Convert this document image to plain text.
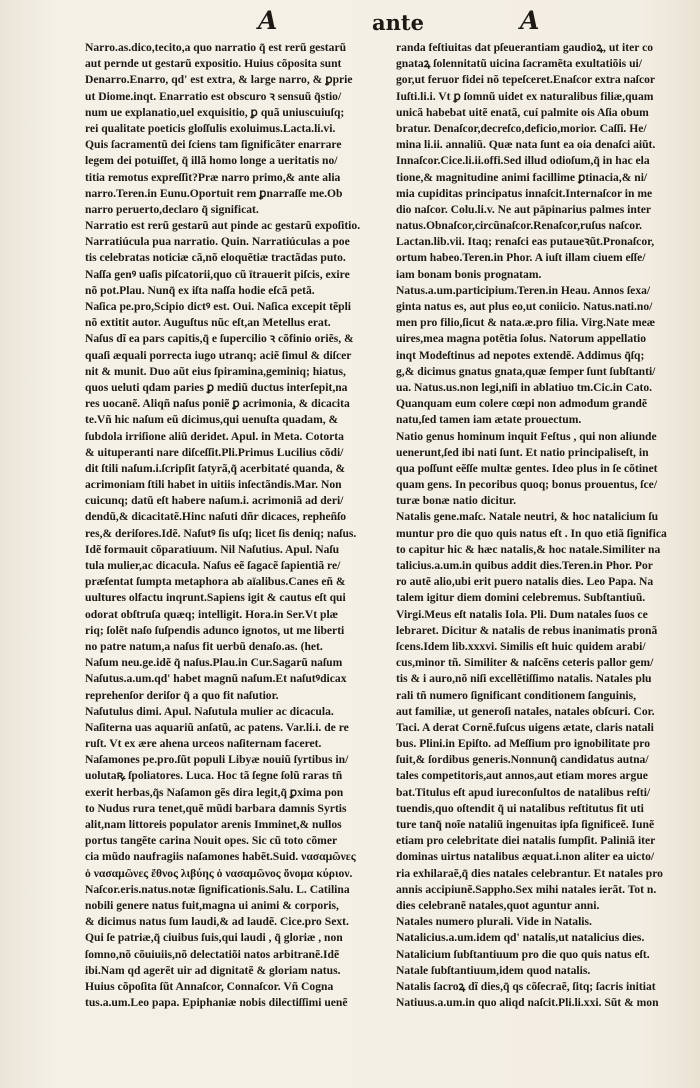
A	ante	A
Narro.as.dico,tecito,a quo narratio q̃ est rerũ gestarũ
aut pernde ut gestarũ expositio. Huius cõposita sunt
Denarro.Enarro, qd' est extra, & large narro, & ꝑprie
ut Diome.inqt. Enarratio est obscuro ꝛ sensuũ q̃stio/
num ue explanatio,uel exquisitio, ꝑ quã uniuscuiuſq;
rei qualitate poeticis gloſſulis exoluimus.Lacta.li.vi.
Quis ſacramentũ dei ſciens tam ſignificãter enarrare
legem dei potuiſſet, q̃ illã homo longe a ueritatis no/
titia remotus expreſſit?Præ narro primo,& ante alia
narro.Teren.in Eunu.Oportuit rem ꝑnarraſſe me.Ob
narro peruerto,declaro q̃ significat.
Narratio est rerũ gestarũ aut pinde ac gestarũ expoſitio.
Narratiúcula pua narratio. Quin. Narratiúculas a poe
tis celebratas noticiæ cã,nõ eloquẽtiæ tractãdas puto.
Naſſa genꝰ uaſis piſcatorii,quo cũ ītrauerit piſcis, exire
nõ pot.Plau. Nunq̃ ex iſta naſſa hodie eſcã petã.
Naſica pe.pro,Scipio dictꝰ est. Oui. Naſica excepit tẽpli
nõ extitit autor. Auguſtus nũc eſt,an Metellus erat.
Naſus dĩ ea pars capitis,q̃ e ſupercilio ꝛ cõfinio oriẽs, &
quaſi æquali porrecta iugo utranq; aciẽ ſimul & diſcer
nit & munit. Duo aũt eius ſpiramina,geminiq; hiatus,
quos ueluti qdam paries ꝑ mediũ ductus interſepit,na
res uocanẽ. Aliqñ naſus poniẽ ꝑ acrimonia, & dicacita
te.Vñ hic naſum eũ dicimus,qui uenuſta quadam, &
ſubdola irriſione aliũ deridet. Apul. in Meta. Cotorta
& uituperanti nare diſceſſit.Pli.Primus Lucilius cõdi/
dit ſtili naſum.i.ſcripſit ſatyrã,q̃ acerbitaté quanda, &
acrimoniam ſtili habet in uitiis inſectãndis.Mar. Non
cuicunq; datũ eſt habere naſum.i. acrimoniã ad deri/
dendũ,& dicacitatẽ.Hinc naſuti dñr dicaces, repheñſo
res,& deriſores.Idẽ. Naſutꝰ ſis uſq; licet ſis deniq; naſus.
Idẽ formauit cõparatiuum. Nil Naſutius. Apul. Naſu
tula mulier,ac dicacula. Naſus eẽ ſagacẽ ſapientiã re/
præſentat ſumpta metaphora ab aïalibus.Canes eñ &
uultures olfactu inqrunt.Sapiens igit & cautus eſt qui
odorat obſtruſa quæq; intelligit. Hora.in Ser.Vt plæ
riq; ſolẽt naſo ſuſpendis adunco ignotos, ut me liberti
no patre natum,a naſus fit uerbũ denaſo.as. (het.
Naſum neu.ge.idẽ q̃ naſus.Plau.in Cur.Sagarũ naſum
Naſutus.a.um.qd' habet magnũ naſum.Et naſutꝰdicax
reprehenſor deriſor q̃ a quo fit naſutior.
Naſutulus dimi. Apul. Naſutula mulier ac dicacula.
Naſiterna uas aquariũ anſatũ, ac patens. Var.li.i. de re
ruſt. Vt ex ære ahena urceos naſiternam faceret.
Naſamones pe.pro.ſũt populi Libyæ nouiũ ſyrtibus in/
uolutaꝶ ſpoliatores. Luca. Hoc tã ſegne ſolũ raras tñ
exerit herbas,q̃s Naſamon gẽs dira legit,q̃ ꝑxima pon
to Nudus rura tenet,quẽ mũdi barbara damnis Syrtis
alit,nam littoreis populator arenis Imminet,& nullos
portus tangẽte carina Nouit opes. Sic cũ toto cõmer
cia mũdo naufragiis naſamones habẽt.Suid. νασαμῶνες
ὁ νασαμῶνες ἔθνος λιβύης ὁ νασαμῶνος ὄνομα κύριον.
Naſcor.eris.natus.notæ ſignificationis.Salu. L. Catilina
nobili genere natus fuit,magna ui animi & corporis,
& dicimus natus ſum laudi,& ad laudẽ. Cice.pro Sext.
Qui ſe patriæ,q̃ ciuibus ſuis,qui laudi , q̃ gloriæ , non
ſomno,nõ cõuiuiis,nõ delectatiõi natos arbitranẽ.Idẽ
ibi.Nam qd agerẽt uir ad dignitatẽ & gloriam natus.
Huius cõpoſita ſũt Annaſcor, Connaſcor. Vñ Cogna
tus.a.um.Leo papa. Epiphaniæ nobis dilectiſſimi uenẽ
randa feſtiuitas dat pſeuerantiam gaudioꝝ, ut iter co
gnataꝝ ſolennitatũ uicina ſacramẽta exultatiõis ui/
gor,ut feruor fidei nõ tepeſceret.Enaſcor extra naſcor
Iuſti.li.i. Vt ꝑ ſomnũ uidet ex naturalibus filiæ,quam
unicã habebat uitẽ enatã, cuí palmite ois Aſia obum
bratur. Denaſcor,decreſco,deficio,morior. Caſſi. He/
mina li.ii. annaliũ. Quæ nata ſunt ea oia denaſci aiũt.
Innaſcor.Cice.li.ii.offi.Sed illud odioſum,q̃ in hac ela
tione,& magnitudine animi facillime ꝑtinacia,& ni/
mia cupiditas principatus innaſcit.Internaſcor in me
dio naſcor. Colu.li.v. Ne aut pāpinarius palmes inter
natus.Obnaſcor,circũnaſcor.Renaſcor,ruſus naſcor.
Lactan.lib.vii. Itaq; renaſci eas putaueꝛũt.Pronaſcor,
ortum habeo.Teren.in Phor. A iuſt illam ciuem eſſe/
iam bonam bonis prognatam.
Natus.a.um.participium.Teren.in Heau. Annos ſexa/
ginta natus es, aut plus eo,ut coniicio. Natus.nati.no/
men pro filio,ſicut & nata.æ.pro filia. Virg.Nate meæ
uires,mea magna potẽtia ſolus. Natorum appellatio
inqt Modeſtinus ad nepotes extendẽ. Addimus q̃ſq;
g,& dicimus gnatus gnata,quæ ſemper ſunt ſubſtanti/
ua. Natus.us.non legi,niſi in ablatiuo tm.Cic.in Cato.
Quanquam eum colere cœpi non admodum grandẽ
natu,ſed tamen iam ætate prouectum.
Natio genus hominum inquit Feſtus , qui non aliunde
uenerunt,ſed ibi nati ſunt. Et natio principaliseſt, in
qua poſſunt eẽſſe multæ gentes. Ideo plus in ſe cõtinet
quam gens. In pecoribus quoq; bonus prouentus, ſce/
turæ bonæ natio dicitur.
Natalis gene.maſc. Natale neutri, & hoc natalicium ſu
muntur pro die quo quis natus eſt . In quo etiã ſignifica
to capitur hic & hæc natalis,& hoc natale.Similiter na
talicius.a.um.in quibus addit dies.Teren.in Phor. Por
ro autẽ alio,ubi erit puero natalis dies. Leo Papa. Na
talem igitur diem domini celebremus. Subſtantiuũ.
Virgi.Meus eſt natalis Iola. Pli. Dum natales ſuos ce
lebraret. Dicitur & natalis de rebus inanimatis pronã
ſcens.Idem lib.xxxvi. Similis eſt huic quidem arabi/
cus,minor tñ. Similiter & naſcẽns ceteris pallor gem/
tis & i auro,nõ niſi excellẽtiſſimo natalis. Natales plu
rali tñ numero ſignificant conditionem ſanguinis,
aut familiæ, ut generoſi natales, natales obſcuri. Cor.
Taci. A derat Cornẽ.fuſcus uigens ætate, claris natali
bus. Plini.in Epiſto. ad Meſſium pro ignobilitate pro
ſuit,& ſordibus generis.Nonnunq̃ candidatus autna/
tales competitoris,aut annos,aut etiam mores argue
bat.Titulus eſt apud iureconſultos de natalibus reſti/
tuendis,quo oſtendit q̃ ui natalibus reſtitutus fit uti
ture tanq̃ noĩe nataliũ ingenuitas ipſa ſignificeẽ. Iunẽ
etiam pro celebritate diei natalis ſumpſit. Paliniã iter
dominas uirtus natalibus æquat.i.non aliter ea uicto/
ria exhilaraẽ,q̃ dies natales celebrantur. Et natales pro
annis accipiunẽ.Sappho.Sex mihi natales ierãt. Tot n.
dies celebranẽ natales,quot aguntur anni.
Natales numero plurali. Vide in Natalis.
Natalicius.a.um.idem qd' natalis,ut natalicius dies.
Natalicium ſubſtantiuum pro die quo quis natus eſt.
Natale ſubſtantiuum,idem quod natalis.
Natalis ſacroꝝ dĩ dies,q̃ qs cõſecraẽ, ſitq; ſacris initiat
Natiuus.a.um.in quo aliqd naſcit.Pli.li.xxi. Sũt & mon
